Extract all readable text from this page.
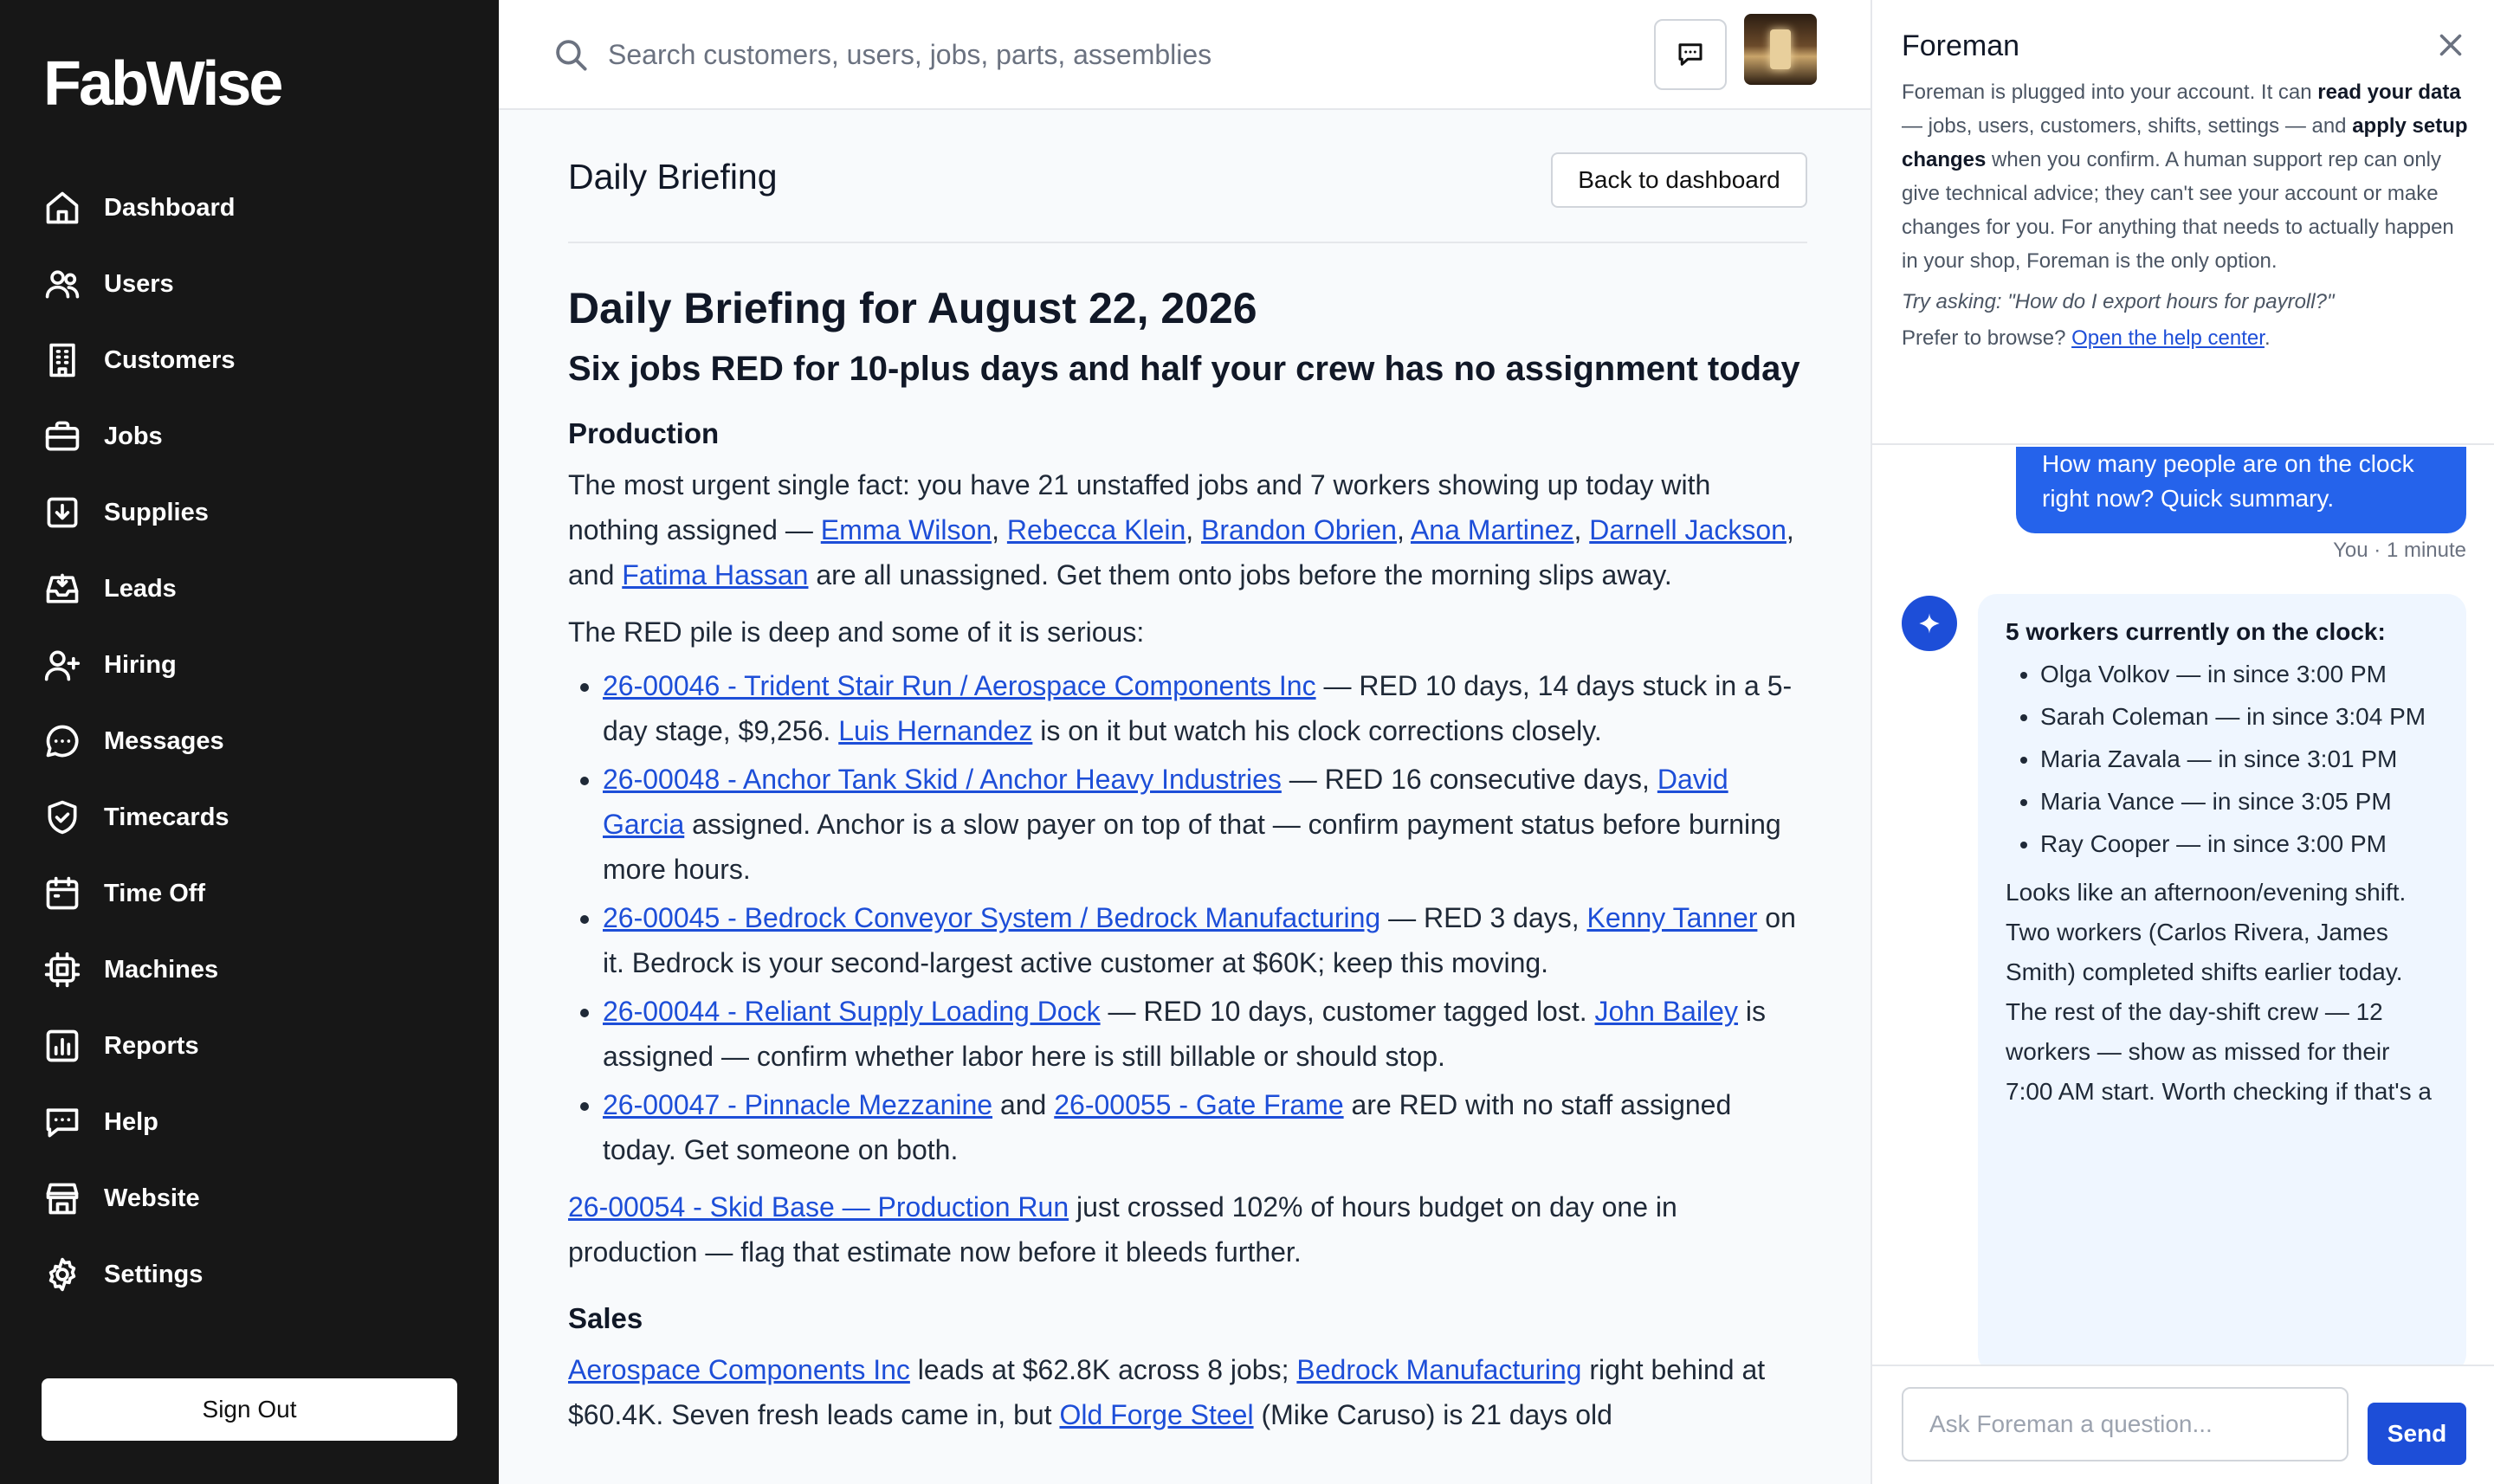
FabWise
Dashboard
Users
Customers
Jobs
Supplies
Leads
Hiring
Messages
Timecards
Time Off
Machines
Reports
Help
Website
Settings
Sign Out
Search customers, users, jobs, parts, assemblies...
Daily Briefing	Back to dashboard
Daily Briefing for August 22, 2026
Six jobs RED for 10-plus days and half your crew has no assignment today
Production

The most urgent single fact: you have 21 unstaffed jobs and 7 workers showing up today with nothing assigned — Emma Wilson, Rebecca Klein, Brandon Obrien, Ana Martinez, Darnell Jackson, and Fatima Hassan are all unassigned. Get them onto jobs before the morning slips away.

The RED pile is deep and some of it is serious:

• 26-00046 - Trident Stair Run / Aerospace Components Inc — RED 10 days, 14 days stuck in a 5-day stage, $9,256. Luis Hernandez is on it but watch his clock corrections closely.
• 26-00048 - Anchor Tank Skid / Anchor Heavy Industries — RED 16 consecutive days, David Garcia assigned. Anchor is a slow payer on top of that — confirm payment status before burning more hours.
• 26-00045 - Bedrock Conveyor System / Bedrock Manufacturing — RED 3 days, Kenny Tanner on it. Bedrock is your second-largest active customer at $60K; keep this moving.
• 26-00044 - Reliant Supply Loading Dock — RED 10 days, customer tagged lost. John Bailey is assigned — confirm whether labor here is still billable or should stop.
• 26-00047 - Pinnacle Mezzanine and 26-00055 - Gate Frame are RED with no staff assigned today. Get someone on both.

26-00054 - Skid Base — Production Run just crossed 102% of hours budget on day one in production — flag that estimate now before it bleeds further.

Sales

Aerospace Components Inc leads at $62.8K across 8 jobs; Bedrock Manufacturing right behind at $60.4K. Seven fresh leads came in, but Old Forge Steel (Mike Caruso) is 21 days old

Foreman

Foreman is plugged into your account. It can read your data — jobs, users, customers, shifts, settings — and apply setup changes when you confirm. A human support rep can only give technical advice; they can't see your account or make changes for you. For anything that needs to actually happen in your shop, Foreman is the only option.

Try asking: "How do I export hours for payroll?"

Prefer to browse? Open the help center.

How many people are on the clock right now? Quick summary.
You · 1 minute
5 workers currently on the clock:
• Olga Volkov — in since 3:00 PM
• Sarah Coleman — in since 3:04 PM
• Maria Zavala — in since 3:01 PM
• Maria Vance — in since 3:05 PM
• Ray Cooper — in since 3:00 PM

Looks like an afternoon/evening shift. Two workers (Carlos Rivera, James Smith) completed shifts earlier today. The rest of the day-shift crew — 12 workers — show as missed for their 7:00 AM start. Worth checking if that's a

Ask Foreman a question...
Send
